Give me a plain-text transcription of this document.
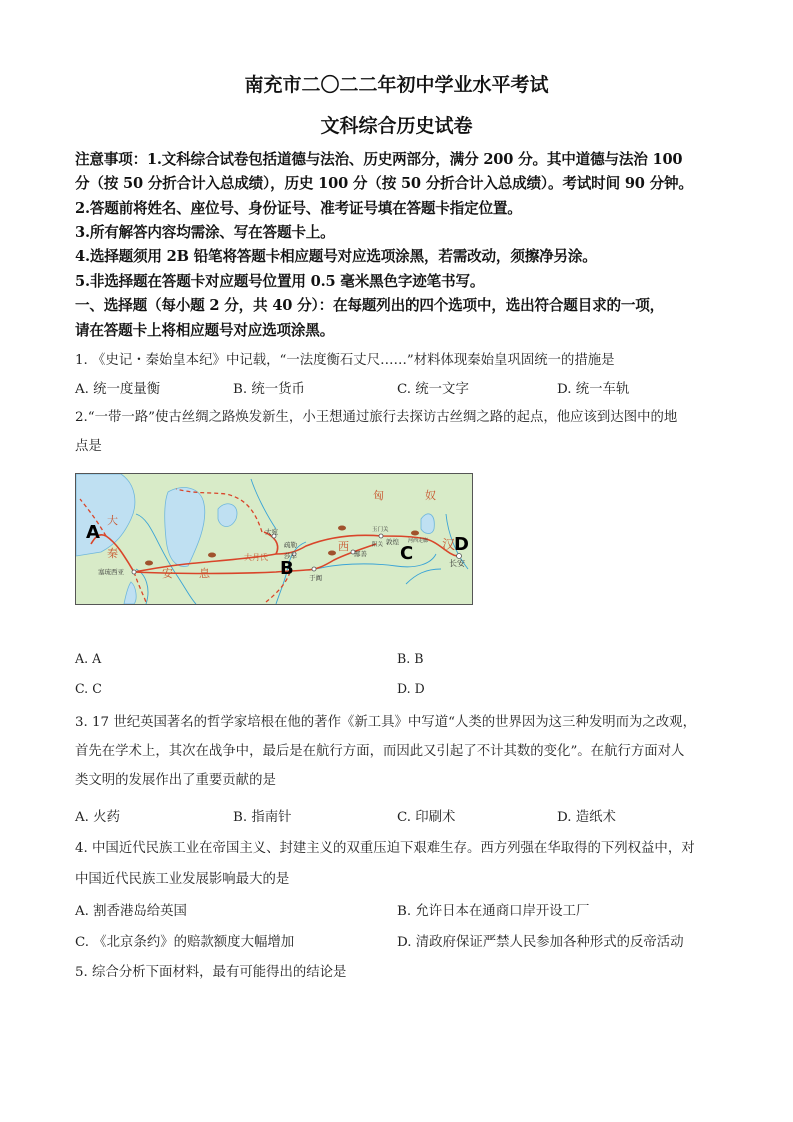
南充市二〇二二年初中学业水平考试
文科综合历史试卷
注意事项：1.文科综合试卷包括道德与法治、历史两部分，满分 200 分。其中道德与法治 100
分（按 50 分折合计入总成绩），历史 100 分（按 50 分折合计入总成绩）。考试时间 90 分钟。
2.答题前将姓名、座位号、身份证号、准考证号填在答题卡指定位置。
3.所有解答内容均需涂、写在答题卡上。
4.选择题须用 2B 铅笔将答题卡相应题号对应选项涂黑，若需改动，须擦净另涂。
5.非选择题在答题卡对应题号位置用 0.5 毫米黑色字迹笔书写。
一、选择题（每小题 2 分，共 40 分）：在每题列出的四个选项中，选出符合题目求的一项，
请在答题卡上将相应题号对应选项涂黑。
1. 《史记・秦始皇本纪》中记载，“一法度衡石丈尺……”材料体现秦始皇巩固统一的措施是
A. 统一度量衡	B. 统一货币	C. 统一文字	D. 统一车轨
2.“一带一路”使古丝绸之路焕发新生，小王想通过旅行去探访古丝绸之路的起点，他应该到达图中的地
点是
大
秦
安 息
西	汉
匈	奴
大月氏
塞琉西亚
大宛
疏勒
莎车
于阗
鄯善
玉门关
阳关 敦煌 河西走廊
长安
A
B
C D
A. A	B. B
C. C	D. D
3. 17 世纪英国著名的哲学家培根在他的著作《新工具》中写道“人类的世界因为这三种发明而为之改观，
首先在学术上，其次在战争中，最后是在航行方面，而因此又引起了不计其数的变化”。在航行方面对人
类文明的发展作出了重要贡献的是
A. 火药	B. 指南针	C. 印刷术	D. 造纸术
4. 中国近代民族工业在帝国主义、封建主义的双重压迫下艰难生存。西方列强在华取得的下列权益中，对
中国近代民族工业发展影响最大的是
A. 割香港岛给英国	B. 允许日本在通商口岸开设工厂
C. 《北京条约》的赔款额度大幅增加	D. 清政府保证严禁人民参加各种形式的反帝活动
5. 综合分析下面材料，最有可能得出的结论是
